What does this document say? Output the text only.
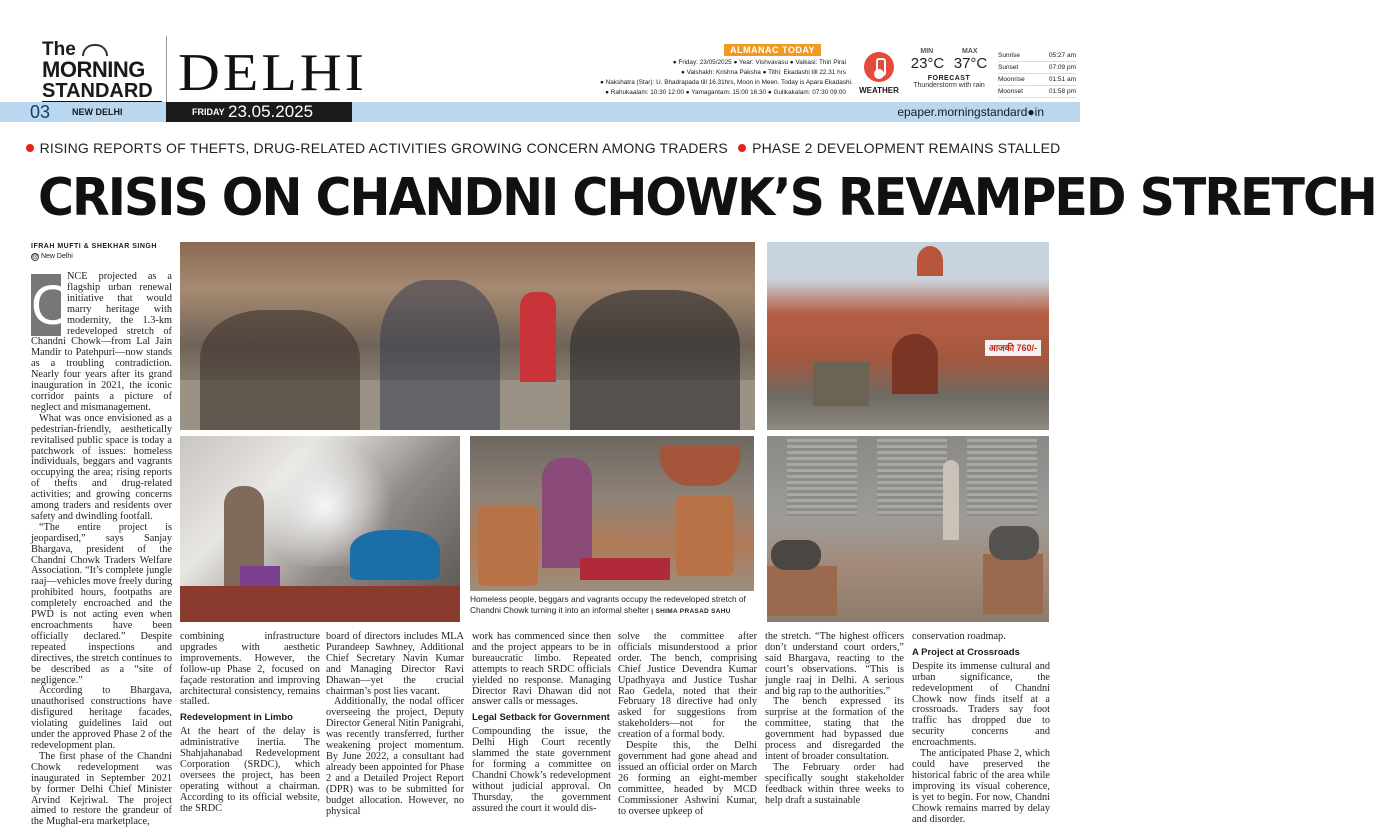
The
MORNING
STANDARD DELHI	ALMANAC TODAY
● Friday: 23/05/2025 ● Year: Vishvavasu ● Vaikasi: Thiri Pirai
● Vaishakh: Krishna Paksha ● Tithi: Ekadashi till 22.31 hrs
● Nakshatra (Star): U. Bhadrapada till 16.31hrs, Moon in Meen. Today is Apara Ekadashi.
● Rahukaalam: 10:30 12:00 ● Yamagantam: 15:00 16:30 ● Gulikakalam: 07:30 09:00	WEATHER
MIN	MAX
23°C 37°C
FORECAST
Thunderstorm with rain
Sunrise	05:27 am
Sunset	07:09 pm
Moonrise	01:51 am
Moonset	01:58 pm
03 NEW DELHI	FRIDAY 23.05.2025	epaper.morningstandard●in
RISING REPORTS OF THEFTS, DRUG-RELATED ACTIVITIES GROWING CONCERN AMONG TRADERS PHASE 2 DEVELOPMENT REMAINS STALLED
CRISIS ON CHANDNI CHOWK’S REVAMPED STRETCH
IFRAH MUFTI & SHEKHAR SINGH
@ New Delhi

O
NCE projected as a flagship urban renewal initiative that would marry heritage with modernity, the 1.3-km redeveloped stretch of Chandni Chowk—from Lal Jain Mandir to Patehpuri—now stands as a troubling contradiction. Nearly four years after its grand inauguration in 2021, the iconic corridor paints a picture of neglect and mismanagement.

What was once envisioned as a pedestrian-friendly, aesthetically revitalised public space is today a patchwork of issues: homeless individuals, beggars and vagrants occupying the area; rising reports of thefts and drug-related activities; and growing concerns among traders and residents over safety and dwindling footfall.

“The entire project is jeopardised,” says Sanjay Bhargava, president of the Chandni Chowk Traders Welfare Association. “It’s complete jungle raaj—vehicles move freely during prohibited hours, footpaths are completely encroached and the PWD is not acting even when encroachments have been officially declared.” Despite repeated inspections and directives, the stretch continues to be described as a “site of negligence.”

According to Bhargava, unauthorised constructions have disfigured heritage facades, violating guidelines laid out under the approved Phase 2 of the redevelopment plan.

The first phase of the Chandni Chowk redevelopment was inaugurated in September 2021 by former Delhi Chief Minister Arvind Kejriwal. The project aimed to restore the grandeur of the Mughal-era marketplace,

combining infrastructure upgrades with aesthetic improvements. However, the follow-up Phase 2, focused on façade restoration and improving architectural consistency, remains stalled.

Redevelopment in Limbo

At the heart of the delay is administrative inertia. The Shahjahanabad Redevelopment Corporation (SRDC), which oversees the project, has been operating without a chairman. According to its official website, the SRDC

board of directors includes MLA Purandeep Sawhney, Additional Chief Secretary Navin Kumar and Managing Director Ravi Dhawan—yet the crucial chairman’s post lies vacant.

Additionally, the nodal officer overseeing the project, Deputy Director General Nitin Panigrahi, was recently transferred, further weakening project momentum. By June 2022, a consultant had already been appointed for Phase 2 and a Detailed Project Report (DPR) was to be submitted for budget allocation. However, no physical

work has commenced since then and the project appears to be in bureaucratic limbo. Repeated attempts to reach SRDC officials yielded no response. Managing Director Ravi Dhawan did not answer calls or messages.

Legal Setback for Government

Compounding the issue, the Delhi High Court recently slammed the state government for forming a committee on Chandni Chowk’s redevelopment without judicial approval. On Thursday, the government assured the court it would dis-

solve the committee after officials misunderstood a prior order. The bench, comprising Chief Justice Devendra Kumar Upadhyaya and Justice Tushar Rao Gedela, noted that their February 18 directive had only asked for suggestions from stakeholders—not for the creation of a formal body.

Despite this, the Delhi government had gone ahead and issued an official order on March 26 forming an eight-member committee, headed by MCD Commissioner Ashwini Kumar, to oversee upkeep of

the stretch. “The highest officers don’t understand court orders,” said Bhargava, reacting to the court’s observations. “This is jungle raaj in Delhi. A serious and big rap to the authorities.”

The bench expressed its surprise at the formation of the committee, stating that the government had bypassed due process and disregarded the intent of broader consultation.

The February order had specifically sought stakeholder feedback within three weeks to help draft a sustainable

conservation roadmap.

A Project at Crossroads

Despite its immense cultural and urban significance, the redevelopment of Chandni Chowk now finds itself at a crossroads. Traders say foot traffic has dropped due to security concerns and encroachments.

The anticipated Phase 2, which could have preserved the historical fabric of the area while improving its visual coherence, is yet to begin. For now, Chandni Chowk remains marred by delay and disorder.

आजकी 760/-
Homeless people, beggars and vagrants occupy the redeveloped stretch of Chandni Chowk turning it into an informal shelter | SHIMA PRASAD SAHU
